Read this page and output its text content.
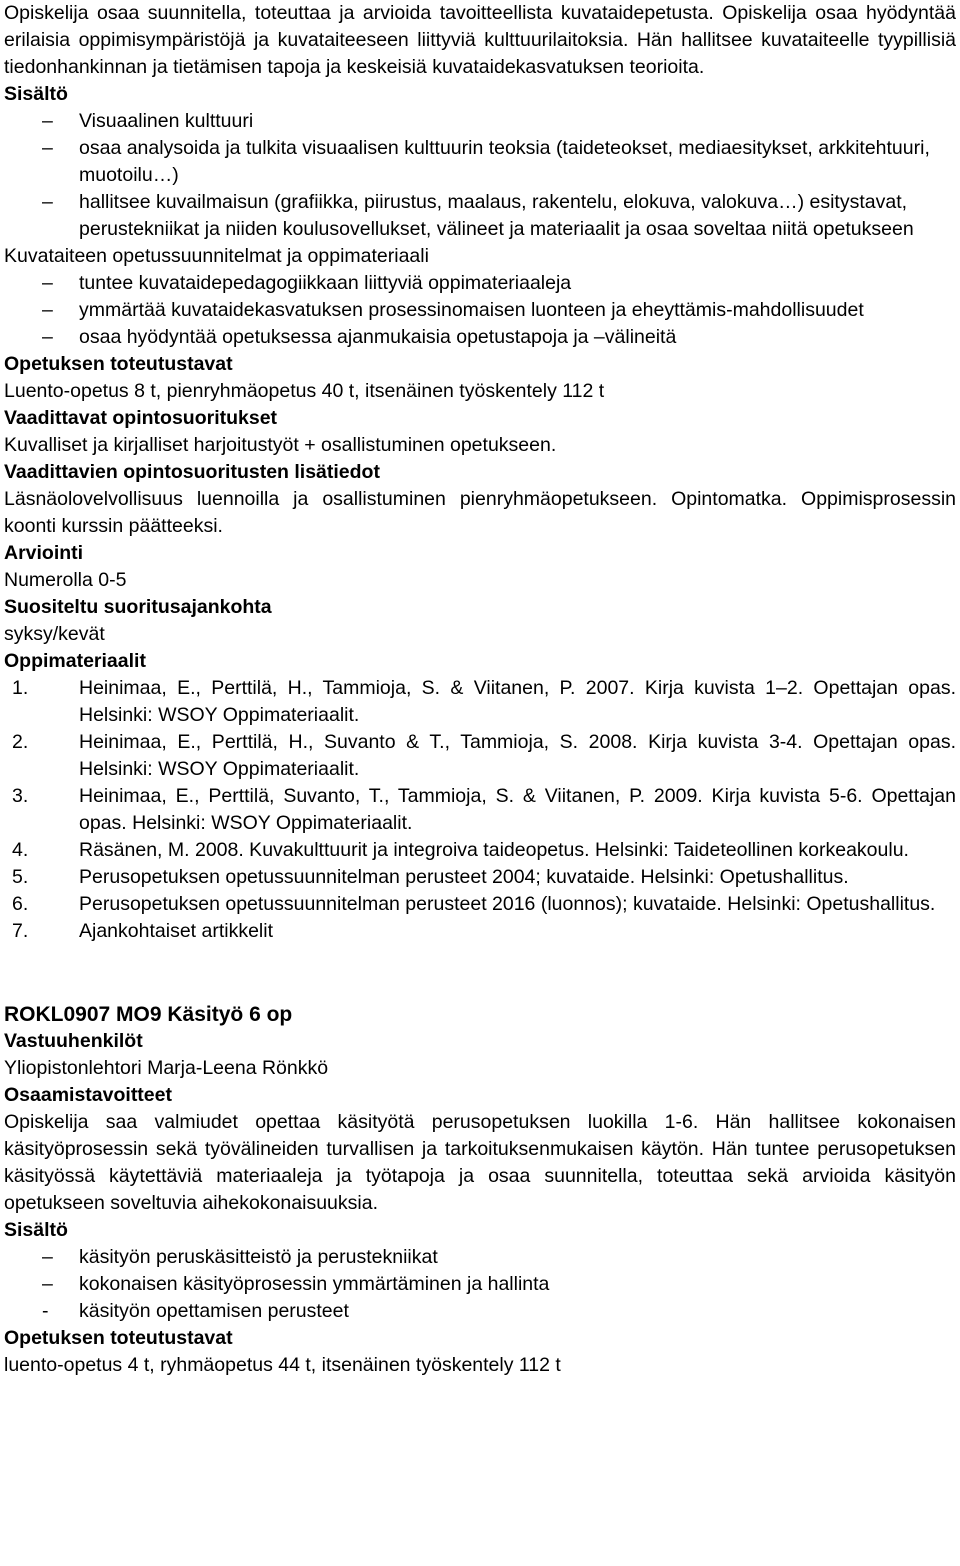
Opiskelija osaa suunnitella, toteuttaa ja arvioida tavoitteellista kuvataidepetusta. Opiskelija osaa hyödyntää erilaisia oppimisympäristöjä ja kuvataiteeseen liittyviä kulttuurilaitoksia. Hän hallitsee kuvataiteelle tyypillisiä tiedonhankinnan ja tietämisen tapoja ja keskeisiä kuvataidekasvatuksen teorioita.

Sisältö

– Visuaalinen kulttuuri

– osaa analysoida ja tulkita visuaalisen kulttuurin teoksia (taideteokset, mediaesitykset, arkkitehtuuri, muotoilu…)

– hallitsee kuvailmaisun (grafiikka, piirustus, maalaus, rakentelu, elokuva, valokuva…) esitystavat, perustekniikat ja niiden koulusovellukset, välineet ja materiaalit ja osaa soveltaa niitä opetukseen

Kuvataiteen opetussuunnitelmat ja oppimateriaali

– tuntee kuvataidepedagogiikkaan liittyviä oppimateriaaleja

– ymmärtää kuvataidekasvatuksen prosessinomaisen luonteen ja eheyttämis-mahdollisuudet

– osaa hyödyntää opetuksessa ajanmukaisia opetustapoja ja –välineitä

Opetuksen toteutustavat

Luento-opetus 8 t, pienryhmäopetus 40 t, itsenäinen työskentely 112 t

Vaadittavat opintosuoritukset

Kuvalliset ja kirjalliset harjoitustyöt + osallistuminen opetukseen.

Vaadittavien opintosuoritusten lisätiedot

Läsnäolovelvollisuus luennoilla ja osallistuminen pienryhmäopetukseen. Opintomatka. Oppimisprosessin koonti kurssin päätteeksi.

Arviointi

Numerolla 0-5

Suositeltu suoritusajankohta

syksy/kevät

Oppimateriaalit

1.	Heinimaa, E., Perttilä, H., Tammioja, S. & Viitanen, P. 2007. Kirja kuvista 1–2. Opettajan opas. Helsinki: WSOY Oppimateriaalit.

2.	Heinimaa, E., Perttilä, H., Suvanto & T., Tammioja, S. 2008. Kirja kuvista 3-4. Opettajan opas. Helsinki: WSOY Oppimateriaalit.

3.	Heinimaa, E., Perttilä, Suvanto, T., Tammioja, S. & Viitanen, P. 2009. Kirja kuvista 5-6. Opettajan opas. Helsinki: WSOY Oppimateriaalit.

4.	Räsänen, M. 2008. Kuvakulttuurit ja integroiva taideopetus. Helsinki: Taideteollinen korkeakoulu.

5.	Perusopetuksen opetussuunnitelman perusteet 2004; kuvataide. Helsinki: Opetushallitus.

6.	Perusopetuksen opetussuunnitelman perusteet 2016 (luonnos); kuvataide. Helsinki: Opetushallitus.

7.	Ajankohtaiset artikkelit

ROKL0907 MO9 Käsityö 6 op

Vastuuhenkilöt

Yliopistonlehtori Marja-Leena Rönkkö

Osaamistavoitteet

Opiskelija saa valmiudet opettaa käsityötä perusopetuksen luokilla 1-6. Hän hallitsee kokonaisen käsityöprosessin sekä työvälineiden turvallisen ja tarkoituksenmukaisen käytön. Hän tuntee perusopetuksen käsityössä käytettäviä materiaaleja ja työtapoja ja osaa suunnitella, toteuttaa sekä arvioida käsityön opetukseen soveltuvia aihekokonaisuuksia.

Sisältö

– käsityön peruskäsitteistö ja perustekniikat

– kokonaisen käsityöprosessin ymmärtäminen ja hallinta

- käsityön opettamisen perusteet

Opetuksen toteutustavat

luento-opetus 4 t, ryhmäopetus 44 t, itsenäinen työskentely 112 t
